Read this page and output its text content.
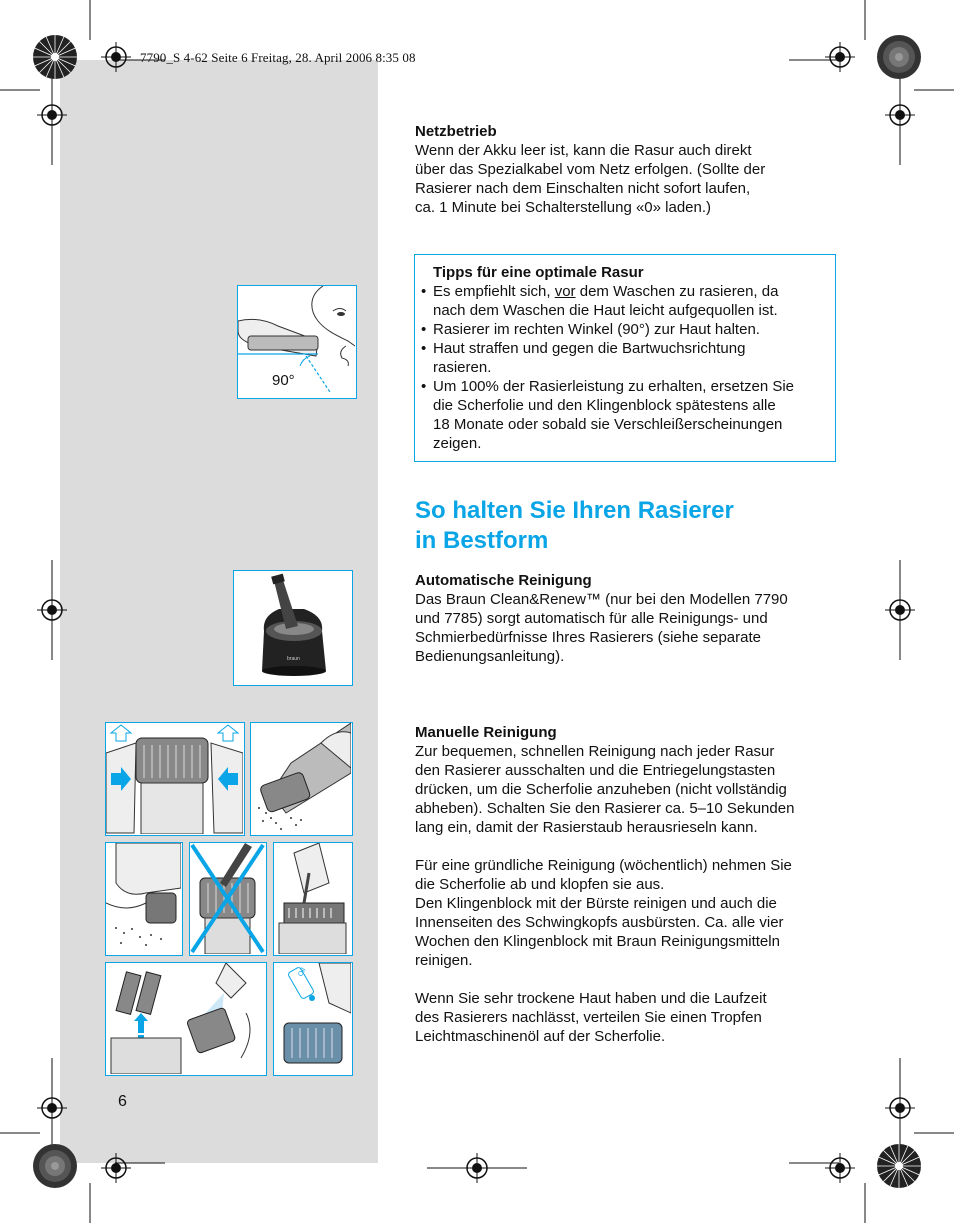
7790_S 4-62 Seite 6 Freitag, 28. April 2006 8:35 08
Netzbetrieb
Wenn der Akku leer ist, kann die Rasur auch direkt
über das Spezialkabel vom Netz erfolgen. (Sollte der
Rasierer nach dem Einschalten nicht sofort laufen,
ca. 1 Minute bei Schalterstellung «0» laden.)
Tipps für eine optimale Rasur
• Es empfiehlt sich, vor dem Waschen zu rasieren, da
nach dem Waschen die Haut leicht aufgequollen ist.
• Rasierer im rechten Winkel (90°) zur Haut halten.
• Haut straffen und gegen die Bartwuchsrichtung
rasieren.
• Um 100% der Rasierleistung zu erhalten, ersetzen Sie
die Scherfolie und den Klingenblock spätestens alle
18 Monate oder sobald sie Verschleißerscheinungen
zeigen.
So halten Sie Ihren Rasierer
in Bestform
Automatische Reinigung
Das Braun Clean&Renew™ (nur bei den Modellen 7790
und 7785) sorgt automatisch für alle Reinigungs- und
Schmierbedürfnisse Ihres Rasierers (siehe separate
Bedienungsanleitung).
Manuelle Reinigung
Zur bequemen, schnellen Reinigung nach jeder Rasur
den Rasierer ausschalten und die Entriegelungstasten
drücken, um die Scherfolie anzuheben (nicht vollständig
abheben). Schalten Sie den Rasierer ca. 5–10 Sekunden
lang ein, damit der Rasierstaub herausrieseln kann.
Für eine gründliche Reinigung (wöchentlich) nehmen Sie
die Scherfolie ab und klopfen sie aus.
Den Klingenblock mit der Bürste reinigen und auch die
Innenseiten des Schwingkopfs ausbürsten. Ca. alle vier
Wochen den Klingenblock mit Braun Reinigungsmitteln
reinigen.
Wenn Sie sehr trockene Haut haben und die Laufzeit
des Rasierers nachlässt, verteilen Sie einen Tropfen
Leichtmaschinenöl auf der Scherfolie.
90°
braun
Oil
6
